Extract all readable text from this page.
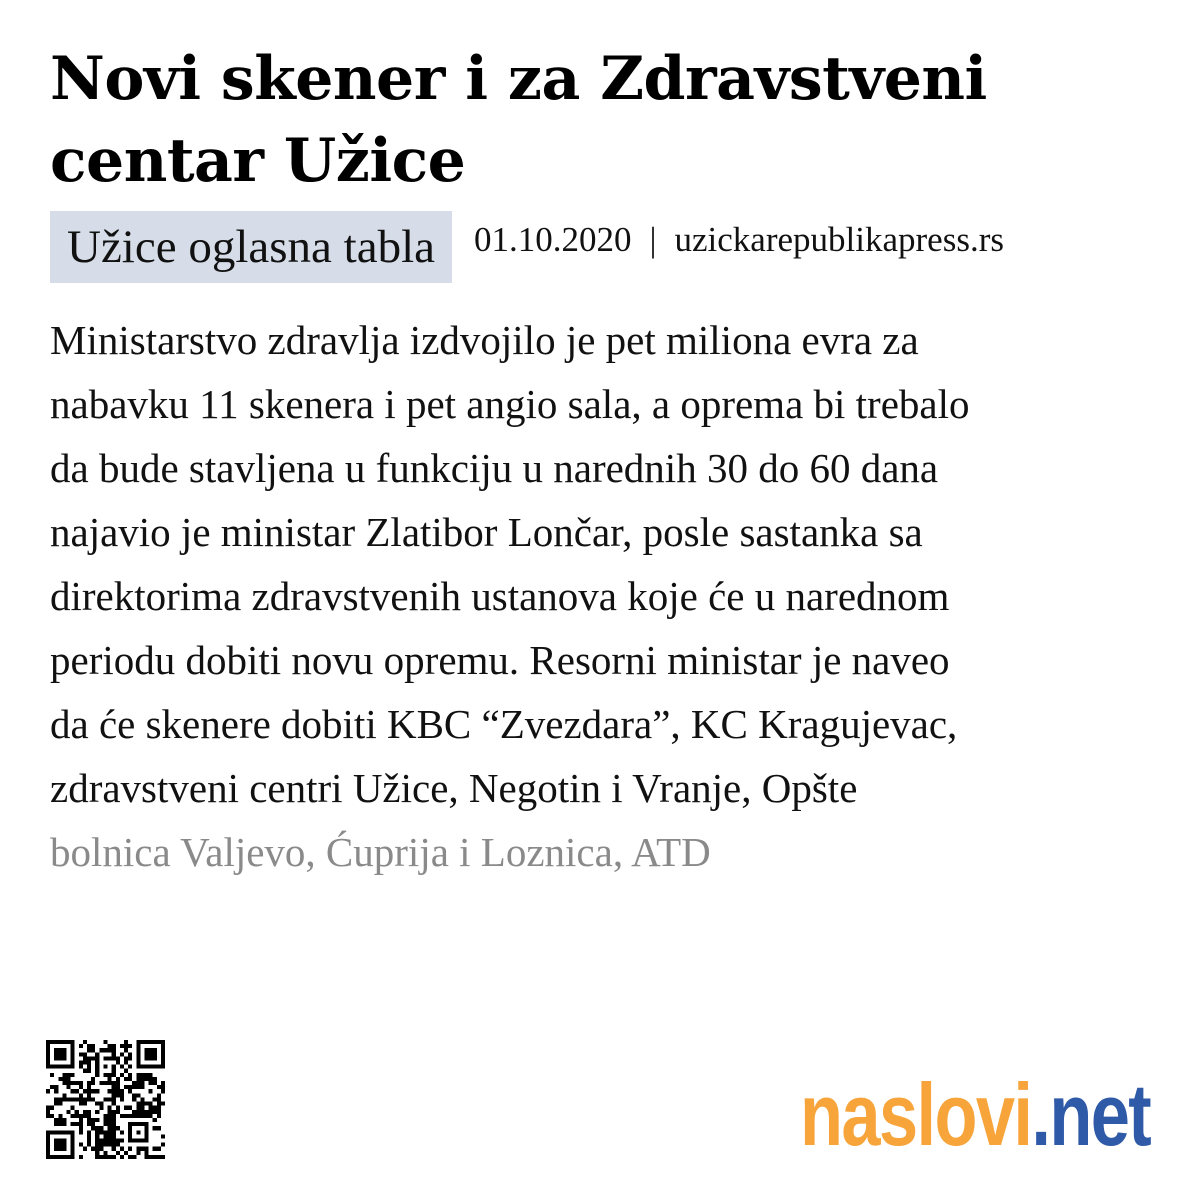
Novi skener i za Zdravstveni centar Užice
Užice oglasna tabla	01.10.2020 | uzickarepublikapress.rs

Ministarstvo zdravlja izdvojilo je pet miliona evra za
nabavku 11 skenera i pet angio sala, a oprema bi trebalo
da bude stavljena u funkciju u narednih 30 do 60 dana
najavio je ministar Zlatibor Lončar, posle sastanka sa
direktorima zdravstvenih ustanova koje će u narednom
periodu dobiti novu opremu. Resorni ministar je naveo
da će skenere dobiti KBC “Zvezdara”, KC Kragujevac,
zdravstveni centri Užice, Negotin i Vranje, Opšte
bolnica Valjevo, Ćuprija i Loznica, ATD

naslovi.net
